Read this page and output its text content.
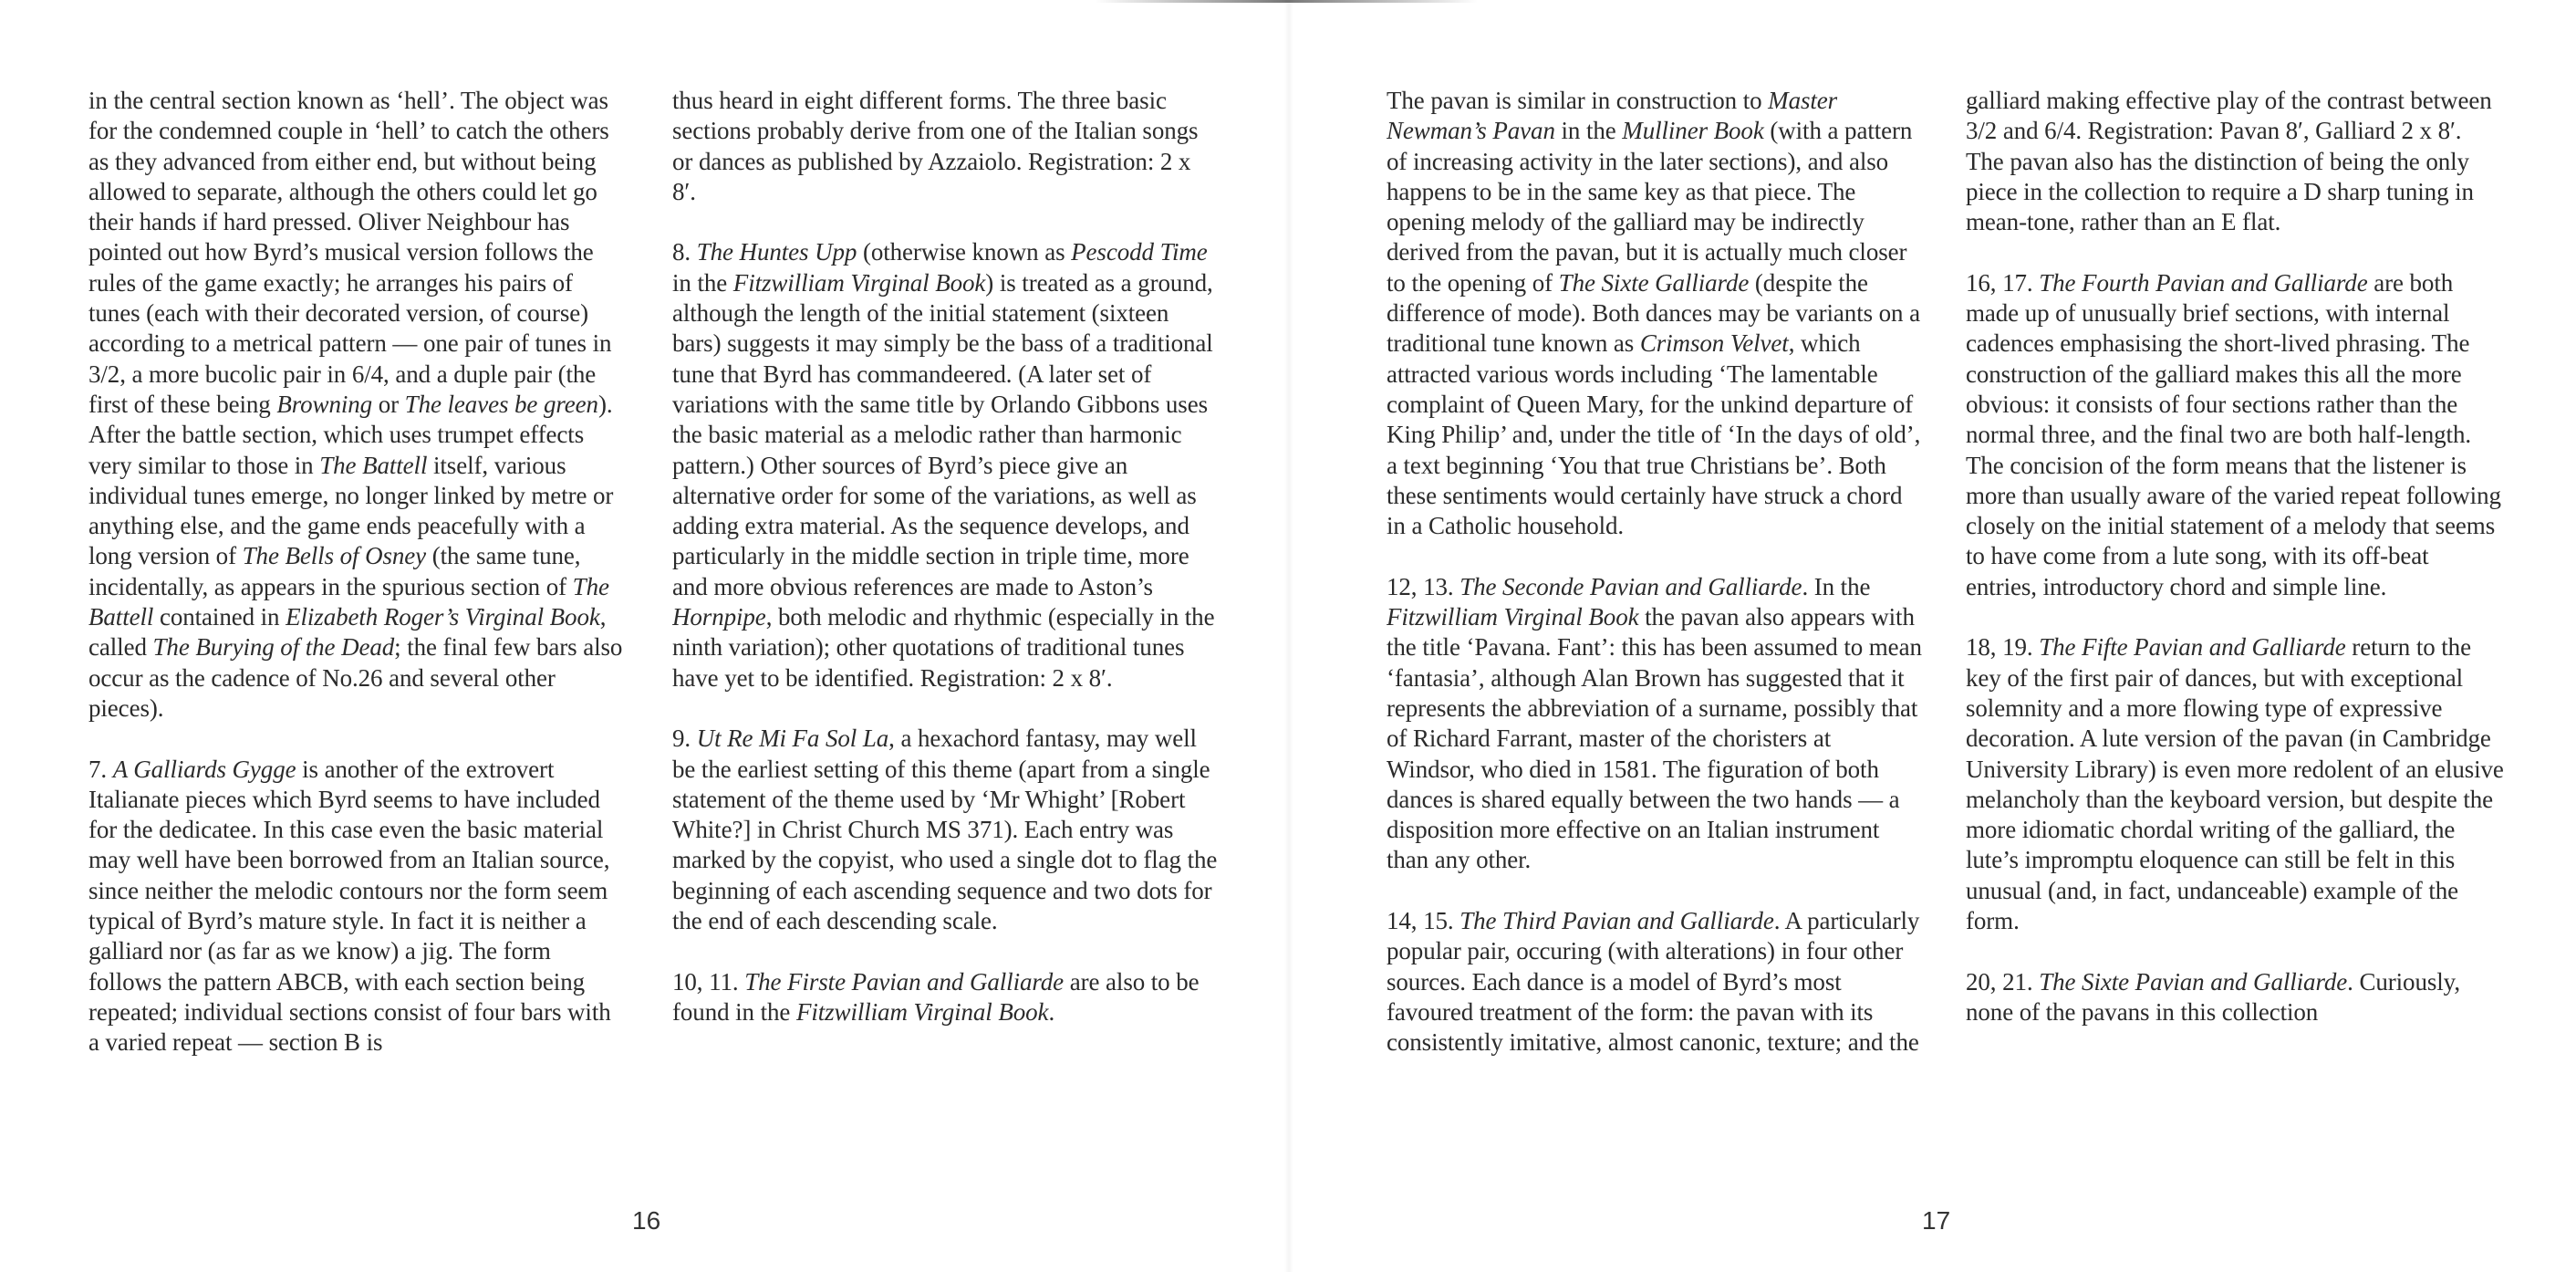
in the central section known as ‘hell’. The object was for the condemned couple in ‘hell’ to catch the others as they advanced from either end, but without being allowed to separate, although the others could let go their hands if hard pressed. Oliver Neighbour has pointed out how Byrd’s musical version follows the rules of the game exactly; he arranges his pairs of tunes (each with their decorated version, of course) according to a metrical pattern — one pair of tunes in 3/2, a more bucolic pair in 6/4, and a duple pair (the first of these being Browning or The leaves be green). After the battle section, which uses trumpet effects very similar to those in The Battell itself, various individual tunes emerge, no longer linked by metre or anything else, and the game ends peacefully with a long version of The Bells of Osney (the same tune, incidentally, as appears in the spurious section of The Battell contained in Elizabeth Roger’s Virginal Book, called The Burying of the Dead; the final few bars also occur as the cadence of No.26 and several other pieces).

7. A Galliards Gygge is another of the extrovert Italianate pieces which Byrd seems to have included for the dedicatee. In this case even the basic material may well have been borrowed from an Italian source, since neither the melodic contours nor the form seem typical of Byrd’s mature style. In fact it is neither a galliard nor (as far as we know) a jig. The form follows the pattern ABCB, with each section being repeated; individual sections consist of four bars with a varied repeat — section B is

thus heard in eight different forms. The three basic sections probably derive from one of the Italian songs or dances as published by Azzaiolo. Registration: 2 x 8′.

8. The Huntes Upp (otherwise known as Pescodd Time in the Fitzwilliam Virginal Book) is treated as a ground, although the length of the initial statement (sixteen bars) suggests it may simply be the bass of a traditional tune that Byrd has commandeered. (A later set of variations with the same title by Orlando Gibbons uses the basic material as a melodic rather than harmonic pattern.) Other sources of Byrd’s piece give an alternative order for some of the variations, as well as adding extra material. As the sequence develops, and particularly in the middle section in triple time, more and more obvious references are made to Aston’s Hornpipe, both melodic and rhythmic (especially in the ninth variation); other quotations of traditional tunes have yet to be identified. Registration: 2 x 8′.

9. Ut Re Mi Fa Sol La, a hexachord fantasy, may well be the earliest setting of this theme (apart from a single statement of the theme used by ‘Mr Whight’ [Robert White?] in Christ Church MS 371). Each entry was marked by the copyist, who used a single dot to flag the beginning of each ascending sequence and two dots for the end of each descending scale.

10, 11. The Firste Pavian and Galliarde are also to be found in the Fitzwilliam Virginal Book.

16

The pavan is similar in construction to Master Newman’s Pavan in the Mulliner Book (with a pattern of increasing activity in the later sections), and also happens to be in the same key as that piece. The opening melody of the galliard may be indirectly derived from the pavan, but it is actually much closer to the opening of The Sixte Galliarde (despite the difference of mode). Both dances may be variants on a traditional tune known as Crimson Velvet, which attracted various words including ‘The lamentable complaint of Queen Mary, for the unkind departure of King Philip’ and, under the title of ‘In the days of old’, a text beginning ‘You that true Christians be’. Both these sentiments would certainly have struck a chord in a Catholic household.

12, 13. The Seconde Pavian and Galliarde. In the Fitzwilliam Virginal Book the pavan also appears with the title ‘Pavana. Fant’: this has been assumed to mean ‘fantasia’, although Alan Brown has suggested that it represents the abbreviation of a surname, possibly that of Richard Farrant, master of the choristers at Windsor, who died in 1581. The figuration of both dances is shared equally between the two hands — a disposition more effective on an Italian instrument than any other.

14, 15. The Third Pavian and Galliarde. A particularly popular pair, occuring (with alterations) in four other sources. Each dance is a model of Byrd’s most favoured treatment of the form: the pavan with its consistently imitative, almost canonic, texture; and the

galliard making effective play of the contrast between 3/2 and 6/4. Registration: Pavan 8′, Galliard 2 x 8′. The pavan also has the distinction of being the only piece in the collection to require a D sharp tuning in mean-tone, rather than an E flat.

16, 17. The Fourth Pavian and Galliarde are both made up of unusually brief sections, with internal cadences emphasising the short-lived phrasing. The construction of the galliard makes this all the more obvious: it consists of four sections rather than the normal three, and the final two are both half-length. The concision of the form means that the listener is more than usually aware of the varied repeat following closely on the initial statement of a melody that seems to have come from a lute song, with its off-beat entries, introductory chord and simple line.

18, 19. The Fifte Pavian and Galliarde return to the key of the first pair of dances, but with exceptional solemnity and a more flowing type of expressive decoration. A lute version of the pavan (in Cambridge University Library) is even more redolent of an elusive melancholy than the keyboard version, but despite the more idiomatic chordal writing of the galliard, the lute’s impromptu eloquence can still be felt in this unusual (and, in fact, undanceable) example of the form.

20, 21. The Sixte Pavian and Galliarde. Curiously, none of the pavans in this collection

17
